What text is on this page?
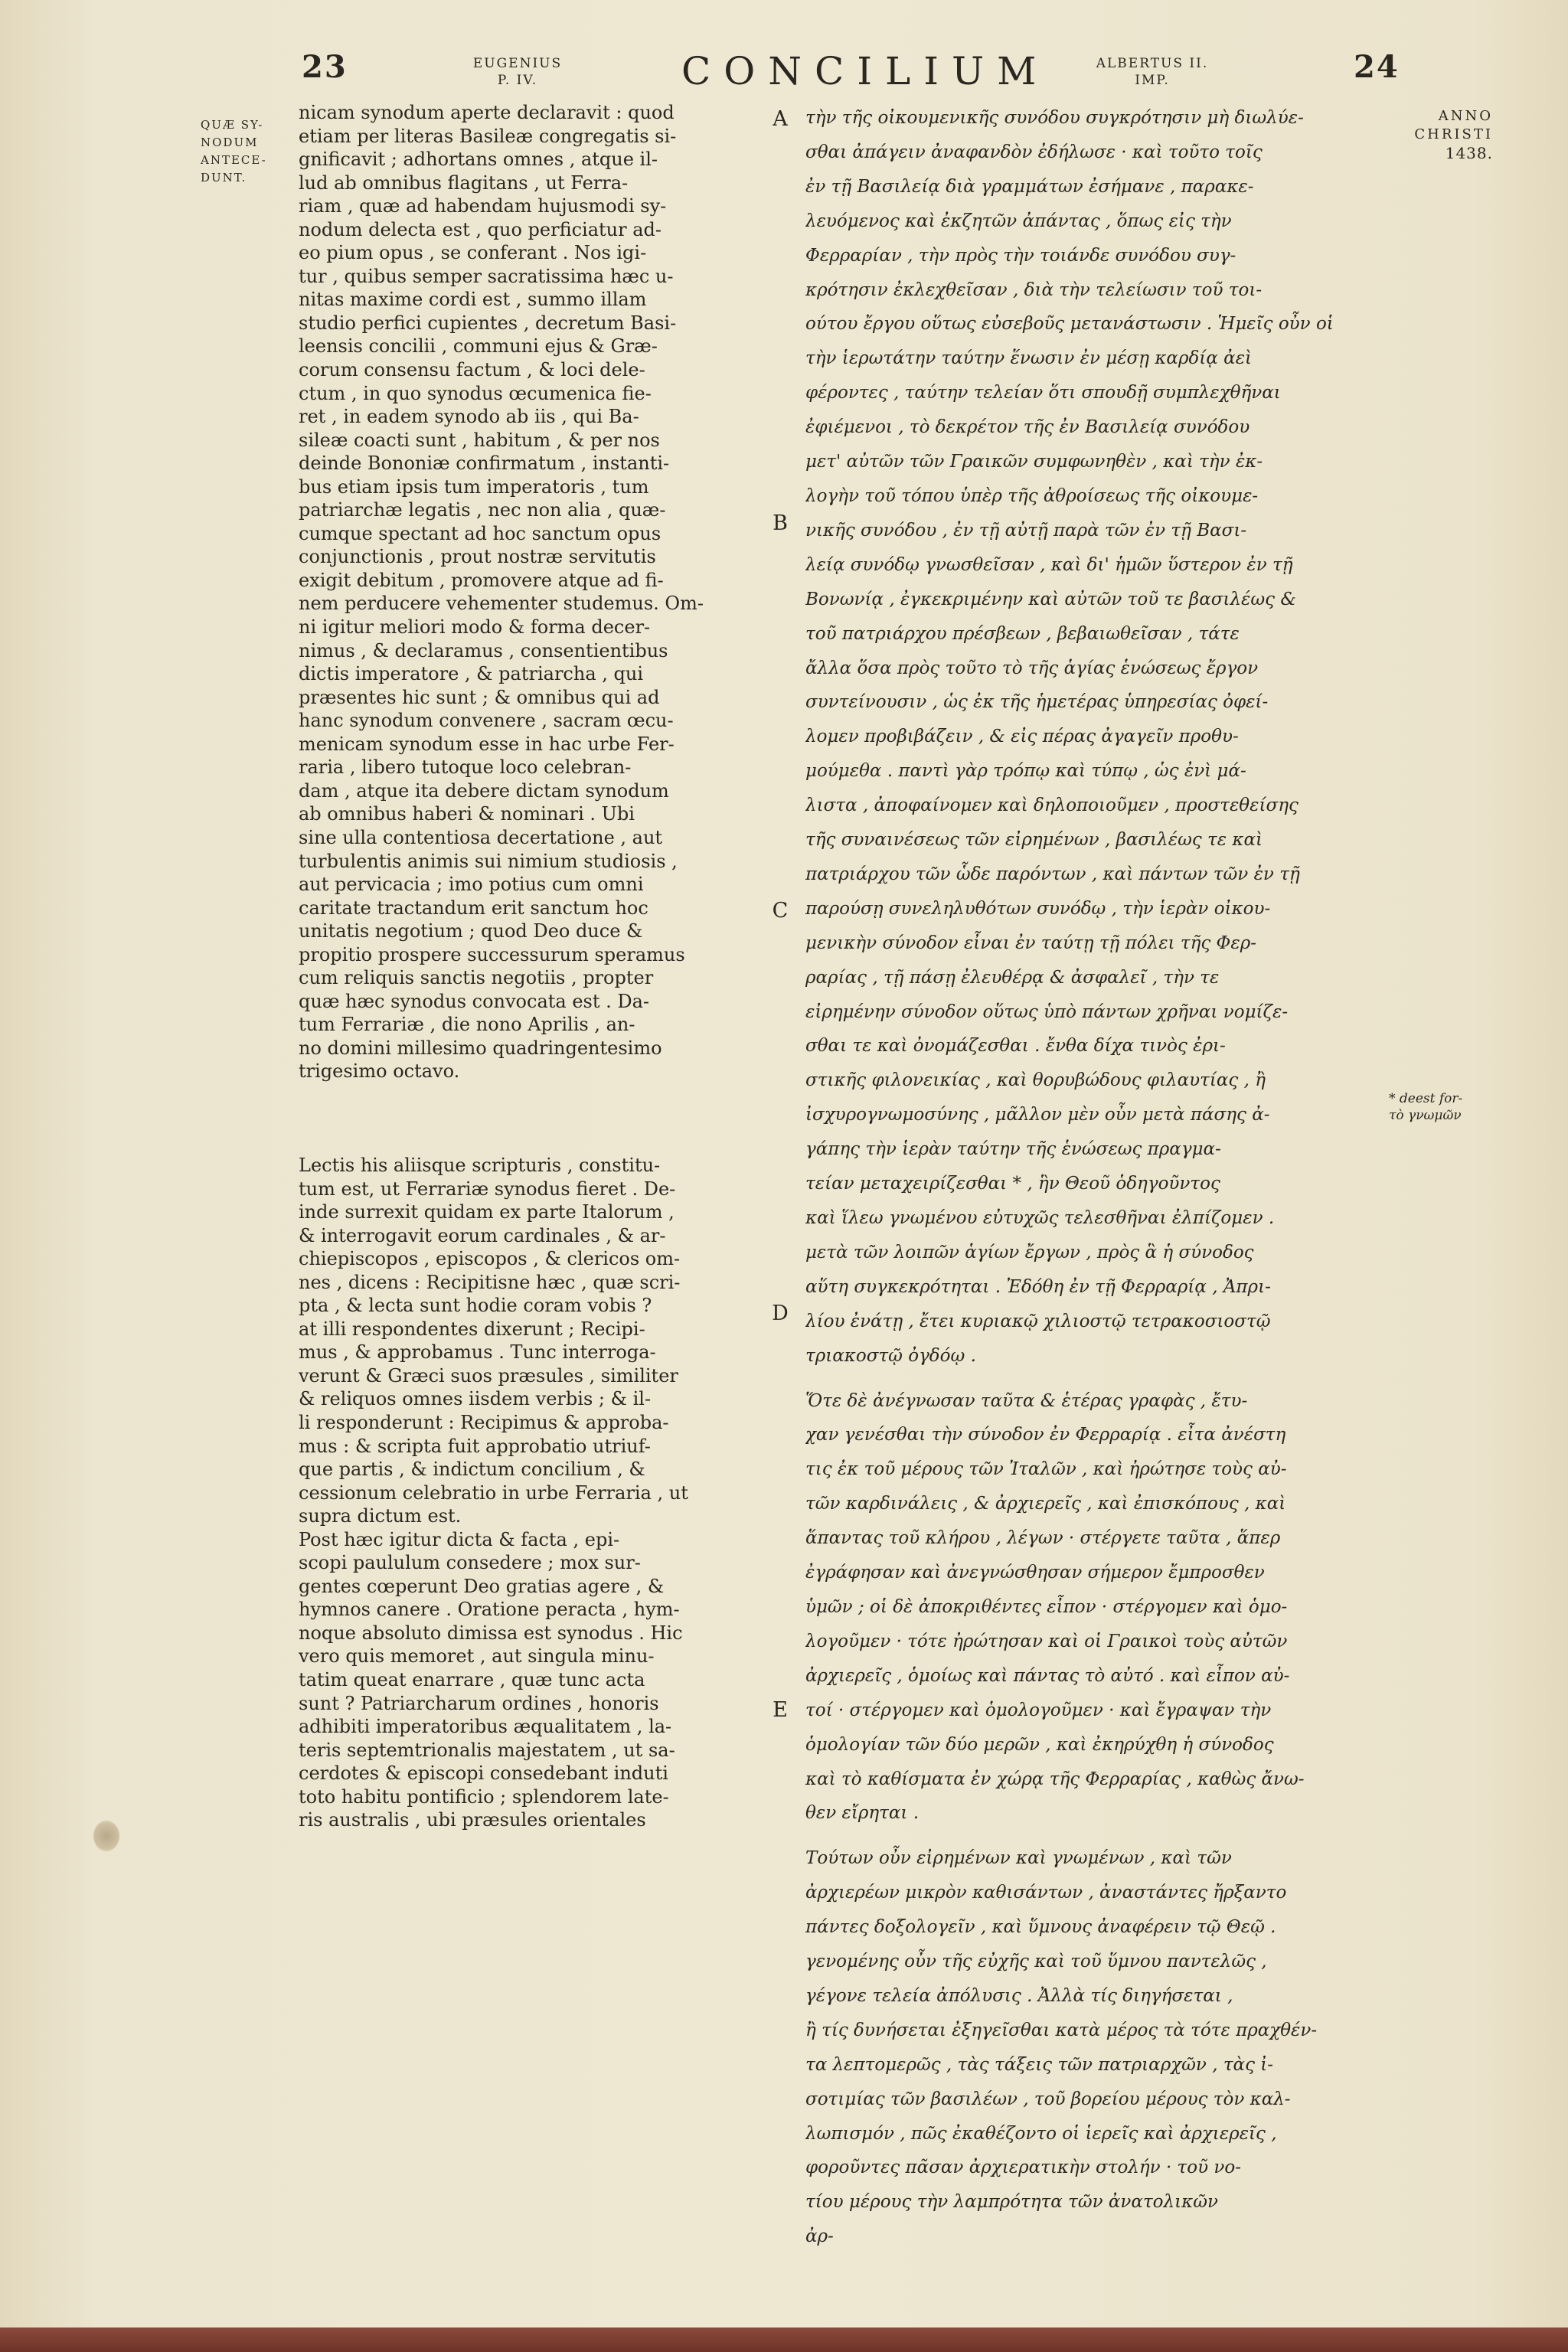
23	EUGENIUS
P. IV.	CONCILIUM	ALBERTUS II.
IMP.	24
QUÆ SY-
NODUM
ANTECE-
DUNT.
ANNO
CHRISTI
1438.
* deest for-
τὸ γνωμῶν
A
B
C
D
E
nicam synodum aperte declaravit : quod
etiam per literas Basileæ congregatis si-
gnificavit ; adhortans omnes , atque il-
lud ab omnibus flagitans , ut Ferra-
riam , quæ ad habendam hujusmodi sy-
nodum delecta est , quo perficiatur ad-
eo pium opus , se conferant . Nos igi-
tur , quibus semper sacratissima hæc u-
nitas maxime cordi est , summo illam
studio perfici cupientes , decretum Basi-
leensis concilii , communi ejus & Græ-
corum consensu factum , & loci dele-
ctum , in quo synodus œcumenica fie-
ret , in eadem synodo ab iis , qui Ba-
sileæ coacti sunt , habitum , & per nos
deinde Bononiæ confirmatum , instanti-
bus etiam ipsis tum imperatoris , tum
patriarchæ legatis , nec non alia , quæ-
cumque spectant ad hoc sanctum opus
conjunctionis , prout nostræ servitutis
exigit debitum , promovere atque ad fi-
nem perducere vehementer studemus. Om-
ni igitur meliori modo & forma decer-
nimus , & declaramus , consentientibus
dictis imperatore , & patriarcha , qui
præsentes hic sunt ; & omnibus qui ad
hanc synodum convenere , sacram œcu-
menicam synodum esse in hac urbe Fer-
raria , libero tutoque loco celebran-
dam , atque ita debere dictam synodum
ab omnibus haberi & nominari . Ubi
sine ulla contentiosa decertatione , aut
turbulentis animis sui nimium studiosis ,
aut pervicacia ; imo potius cum omni
caritate tractandum erit sanctum hoc
unitatis negotium ; quod Deo duce &
propitio prospere successurum speramus
cum reliquis sanctis negotiis , propter
quæ hæc synodus convocata est . Da-
tum Ferrariæ , die nono Aprilis , an-
no domini millesimo quadringentesimo
trigesimo octavo.
Lectis his aliisque scripturis , constitu-
tum est, ut Ferrariæ synodus fieret . De-
inde surrexit quidam ex parte Italorum ,
& interrogavit eorum cardinales , & ar-
chiepiscopos , episcopos , & clericos om-
nes , dicens : Recipitisne hæc , quæ scri-
pta , & lecta sunt hodie coram vobis ?
at illi respondentes dixerunt ; Recipi-
mus , & approbamus . Tunc interroga-
verunt & Græci suos præsules , similiter
& reliquos omnes iisdem verbis ; & il-
li responderunt : Recipimus & approba-
mus : & scripta fuit approbatio utriuf-
que partis , & indictum concilium , &
cessionum celebratio in urbe Ferraria , ut
supra dictum est.
Post hæc igitur dicta & facta , epi-
scopi paululum consedere ; mox sur-
gentes cœperunt Deo gratias agere , &
hymnos canere . Oratione peracta , hym-
noque absoluto dimissa est synodus . Hic
vero quis memoret , aut singula minu-
tatim queat enarrare , quæ tunc acta
sunt ? Patriarcharum ordines , honoris
adhibiti imperatoribus æqualitatem , la-
teris septemtrionalis majestatem , ut sa-
cerdotes & episcopi consedebant induti
toto habitu pontificio ; splendorem late-
ris australis , ubi præsules orientales
τὴν τῆς οἰκουμενικῆς συνόδου συγκρότησιν μὴ διωλύε-
σθαι ἀπάγειν ἀναφανδὸν ἐδήλωσε · καὶ τοῦτο τοῖς
ἐν τῇ Βασιλείᾳ διὰ γραμμάτων ἐσήμανε , παρακε-
λευόμενος καὶ ἐκζητῶν ἀπάντας , ὅπως εἰς τὴν
Φερραρίαν , τὴν πρὸς τὴν τοιάνδε συνόδου συγ-
κρότησιν ἐκλεχθεῖσαν , διὰ τὴν τελείωσιν τοῦ τοι-
ούτου ἔργου οὕτως εὐσεβοῦς μετανάστωσιν . Ἡμεῖς οὖν οἱ
τὴν ἱερωτάτην ταύτην ἕνωσιν ἐν μέσῃ καρδίᾳ ἀεὶ
φέροντες , ταύτην τελείαν ὅτι σπουδῇ συμπλεχθῆναι
ἐφιέμενοι , τὸ δεκρέτον τῆς ἐν Βασιλείᾳ συνόδου
μετ' αὐτῶν τῶν Γραικῶν συμφωνηθὲν , καὶ τὴν ἐκ-
λογὴν τοῦ τόπου ὑπὲρ τῆς ἀθροίσεως τῆς οἰκουμε-
νικῆς συνόδου , ἐν τῇ αὐτῇ παρὰ τῶν ἐν τῇ Βασι-
λείᾳ συνόδῳ γνωσθεῖσαν , καὶ δι' ἡμῶν ὕστερον ἐν τῇ
Βονωνίᾳ , ἐγκεκριμένην καὶ αὐτῶν τοῦ τε βασιλέως &
τοῦ πατριάρχου πρέσβεων , βεβαιωθεῖσαν , τάτε
ἄλλα ὅσα πρὸς τοῦτο τὸ τῆς ἁγίας ἑνώσεως ἔργον
συντείνουσιν , ὡς ἐκ τῆς ἡμετέρας ὑπηρεσίας ὀφεί-
λομεν προβιβάζειν , & εἰς πέρας ἀγαγεῖν προθυ-
μούμεθα . παντὶ γὰρ τρόπῳ καὶ τύπῳ , ὡς ἐνὶ μά-
λιστα , ἀποφαίνομεν καὶ δηλοποιοῦμεν , προστεθείσης
τῆς συναινέσεως τῶν εἰρημένων , βασιλέως τε καὶ
πατριάρχου τῶν ὧδε παρόντων , καὶ πάντων τῶν ἐν τῇ
παρούσῃ συνεληλυθότων συνόδῳ , τὴν ἱερὰν οἰκου-
μενικὴν σύνοδον εἶναι ἐν ταύτῃ τῇ πόλει τῆς Φερ-
ραρίας , τῇ πάσῃ ἐλευθέρᾳ & ἀσφαλεῖ , τὴν τε
εἰρημένην σύνοδον οὕτως ὑπὸ πάντων χρῆναι νομίζε-
σθαι τε καὶ ὀνομάζεσθαι . ἔνθα δίχα τινὸς ἐρι-
στικῆς φιλονεικίας , καὶ θορυβώδους φιλαυτίας , ἢ
ἰσχυρογνωμοσύνης , μᾶλλον μὲν οὖν μετὰ πάσης ἀ-
γάπης τὴν ἱερὰν ταύτην τῆς ἑνώσεως πραγμα-
τείαν μεταχειρίζεσθαι * , ἣν Θεοῦ ὁδηγοῦντος
καὶ ἵλεω γνωμένου εὐτυχῶς τελεσθῆναι ἐλπίζομεν .
μετὰ τῶν λοιπῶν ἁγίων ἔργων , πρὸς ἃ ἡ σύνοδος
αὕτη συγκεκρότηται . Ἐδόθη ἐν τῇ Φερραρίᾳ , Ἀπρι-
λίου ἐνάτῃ , ἔτει κυριακῷ χιλιοστῷ τετρακοσιοστῷ
τριακοστῷ ὀγδόῳ .
Ὅτε δὲ ἀνέγνωσαν ταῦτα & ἑτέρας γραφὰς , ἔτυ-
χαν γενέσθαι τὴν σύνοδον ἐν Φερραρίᾳ . εἶτα ἀνέστη
τις ἐκ τοῦ μέρους τῶν Ἰταλῶν , καὶ ἠρώτησε τοὺς αὐ-
τῶν καρδινάλεις , & ἀρχιερεῖς , καὶ ἐπισκόπους , καὶ
ἅπαντας τοῦ κλήρου , λέγων · στέργετε ταῦτα , ἅπερ
ἐγράφησαν καὶ ἀνεγνώσθησαν σήμερον ἔμπροσθεν
ὑμῶν ; οἱ δὲ ἀποκριθέντες εἶπον · στέργομεν καὶ ὁμο-
λογοῦμεν · τότε ἠρώτησαν καὶ οἱ Γραικοὶ τοὺς αὐτῶν
ἀρχιερεῖς , ὁμοίως καὶ πάντας τὸ αὐτό . καὶ εἶπον αὐ-
τοί · στέργομεν καὶ ὁμολογοῦμεν · καὶ ἔγραψαν τὴν
ὁμολογίαν τῶν δύο μερῶν , καὶ ἐκηρύχθη ἡ σύνοδος
καὶ τὸ καθίσματα ἐν χώρᾳ τῆς Φερραρίας , καθὼς ἄνω-
θεν εἴρηται .
Τούτων οὖν εἰρημένων καὶ γνωμένων , καὶ τῶν
ἀρχιερέων μικρὸν καθισάντων , ἀναστάντες ἤρξαντο
πάντες δοξολογεῖν , καὶ ὕμνους ἀναφέρειν τῷ Θεῷ .
γενομένης οὖν τῆς εὐχῆς καὶ τοῦ ὕμνου παντελῶς ,
γέγονε τελεία ἀπόλυσις . Ἀλλὰ τίς διηγήσεται ,
ἢ τίς δυνήσεται ἐξηγεῖσθαι κατὰ μέρος τὰ τότε πραχθέν-
τα λεπτομερῶς , τὰς τάξεις τῶν πατριαρχῶν , τὰς ἰ-
σοτιμίας τῶν βασιλέων , τοῦ βορείου μέρους τὸν καλ-
λωπισμόν , πῶς ἐκαθέζοντο οἱ ἱερεῖς καὶ ἀρχιερεῖς ,
φοροῦντες πᾶσαν ἀρχιερατικὴν στολήν · τοῦ νο-
τίου μέρους τὴν λαμπρότητα τῶν ἀνατολικῶν
ἀρ-
